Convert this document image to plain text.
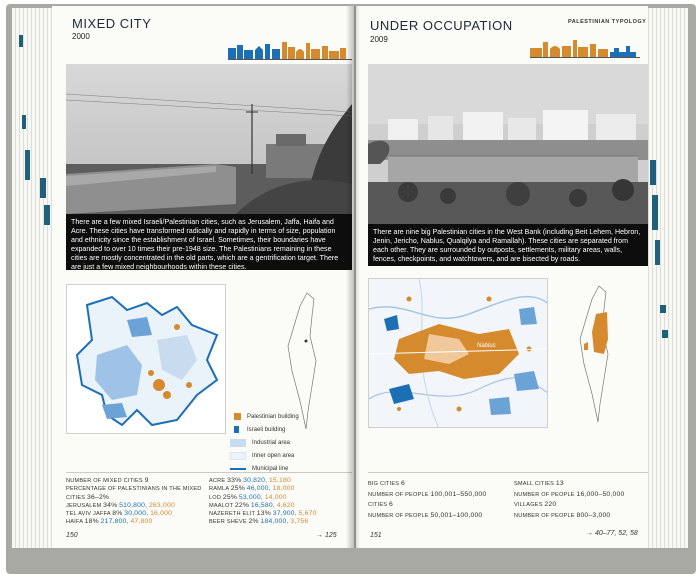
MIXED CITY
2000
There are a few mixed Israeli/Palestinian cities, such as Jerusalem, Jaffa, Haifa and Acre. These cities have transformed radically and rapidly in terms of size, population and ethnicity since the establishment of Israel. Sometimes, their boundaries have expanded to over 10 times their pre-1948 size. The Palestinians remaining in these cities are mostly concentrated in the old parts, which are a gentrification target. There are just a few mixed neighbourhoods within these cities.
Palestinian building
Israeli building
Industrial area
Inner open area
Municipal line
NUMBER OF MIXED CITIES 9
PERCENTAGE OF PALESTINIANS IN THE MIXED
CITIES 36–2%
JERUSALEM 34% 510,800, 263,000
TEL AVIV JAFFA 8% 30,000, 16,000
HAIFA 18% 217,800, 47,800
ACRE 33% 30,820, 15,180
RAMLA 25% 46,000, 18,000
LOD 25% 53,000, 14,000
MAALOT 22% 16,580, 4,620
NAZERETH ELIT 13% 37,900, 5,670
BEER SHEVE 2% 184,000, 3,756
150	→ 125
UNDER OCCUPATION
2009
PALESTINIAN TYPOLOGY
There are nine big Palestinian cities in the West Bank (including Beit Lehem, Hebron, Jenin, Jericho, Nablus, Qualqilya and Ramallah). These cities are separated from each other. They are surrounded by outposts, settlements, military areas, walls, fences, checkpoints, and watchtowers, and are bisected by roads.
Nablus
BIG CITIES 6
NUMBER OF PEOPLE 100,001–550,000
CITIES 6
NUMBER OF PEOPLE 50,001–100,000
SMALL CITIES 13
NUMBER OF PEOPLE 16,000–50,000
VILLAGES 220
NUMBER OF PEOPLE 800–3,000
151	→ 40–77, 52, 58
